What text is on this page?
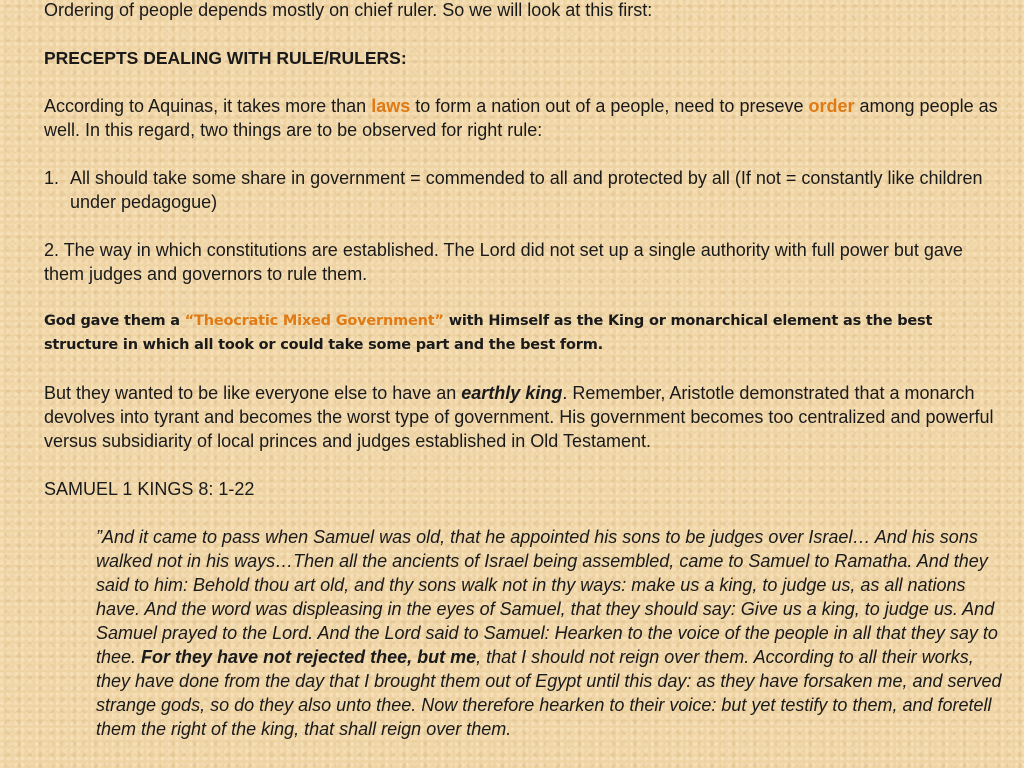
Ordering of people depends mostly on chief ruler. So we will look at this first:

PRECEPTS DEALING WITH RULE/RULERS:

According to Aquinas, it takes more than laws to form a nation out of a people, need to preseve order among people as well. In this regard, two things are to be observed for right rule:

1. All should take some share in government = commended to all and protected by all (If not = constantly like children under pedagogue)

2. The way in which constitutions are established. The Lord did not set up a single authority with full power but gave them judges and governors to rule them.

God gave them a “Theocratic Mixed Government” with Himself as the King or monarchical element as the best structure in which all took or could take some part and the best form.

But they wanted to be like everyone else to have an earthly king. Remember, Aristotle demonstrated that a monarch devolves into tyrant and becomes the worst type of government. His government becomes too centralized and powerful versus subsidiarity of local princes and judges established in Old Testament.

SAMUEL 1 KINGS 8: 1-22

”And it came to pass when Samuel was old, that he appointed his sons to be judges over Israel… And his sons walked not in his ways…Then all the ancients of Israel being assembled, came to Samuel to Ramatha. And they said to him: Behold thou art old, and thy sons walk not in thy ways: make us a king, to judge us, as all nations have. And the word was displeasing in the eyes of Samuel, that they should say: Give us a king, to judge us. And Samuel prayed to the Lord. And the Lord said to Samuel: Hearken to the voice of the people in all that they say to thee. For they have not rejected thee, but me, that I should not reign over them. According to all their works, they have done from the day that I brought them out of Egypt until this day: as they have forsaken me, and served strange gods, so do they also unto thee. Now therefore hearken to their voice: but yet testify to them, and foretell them the right of the king, that shall reign over them.
